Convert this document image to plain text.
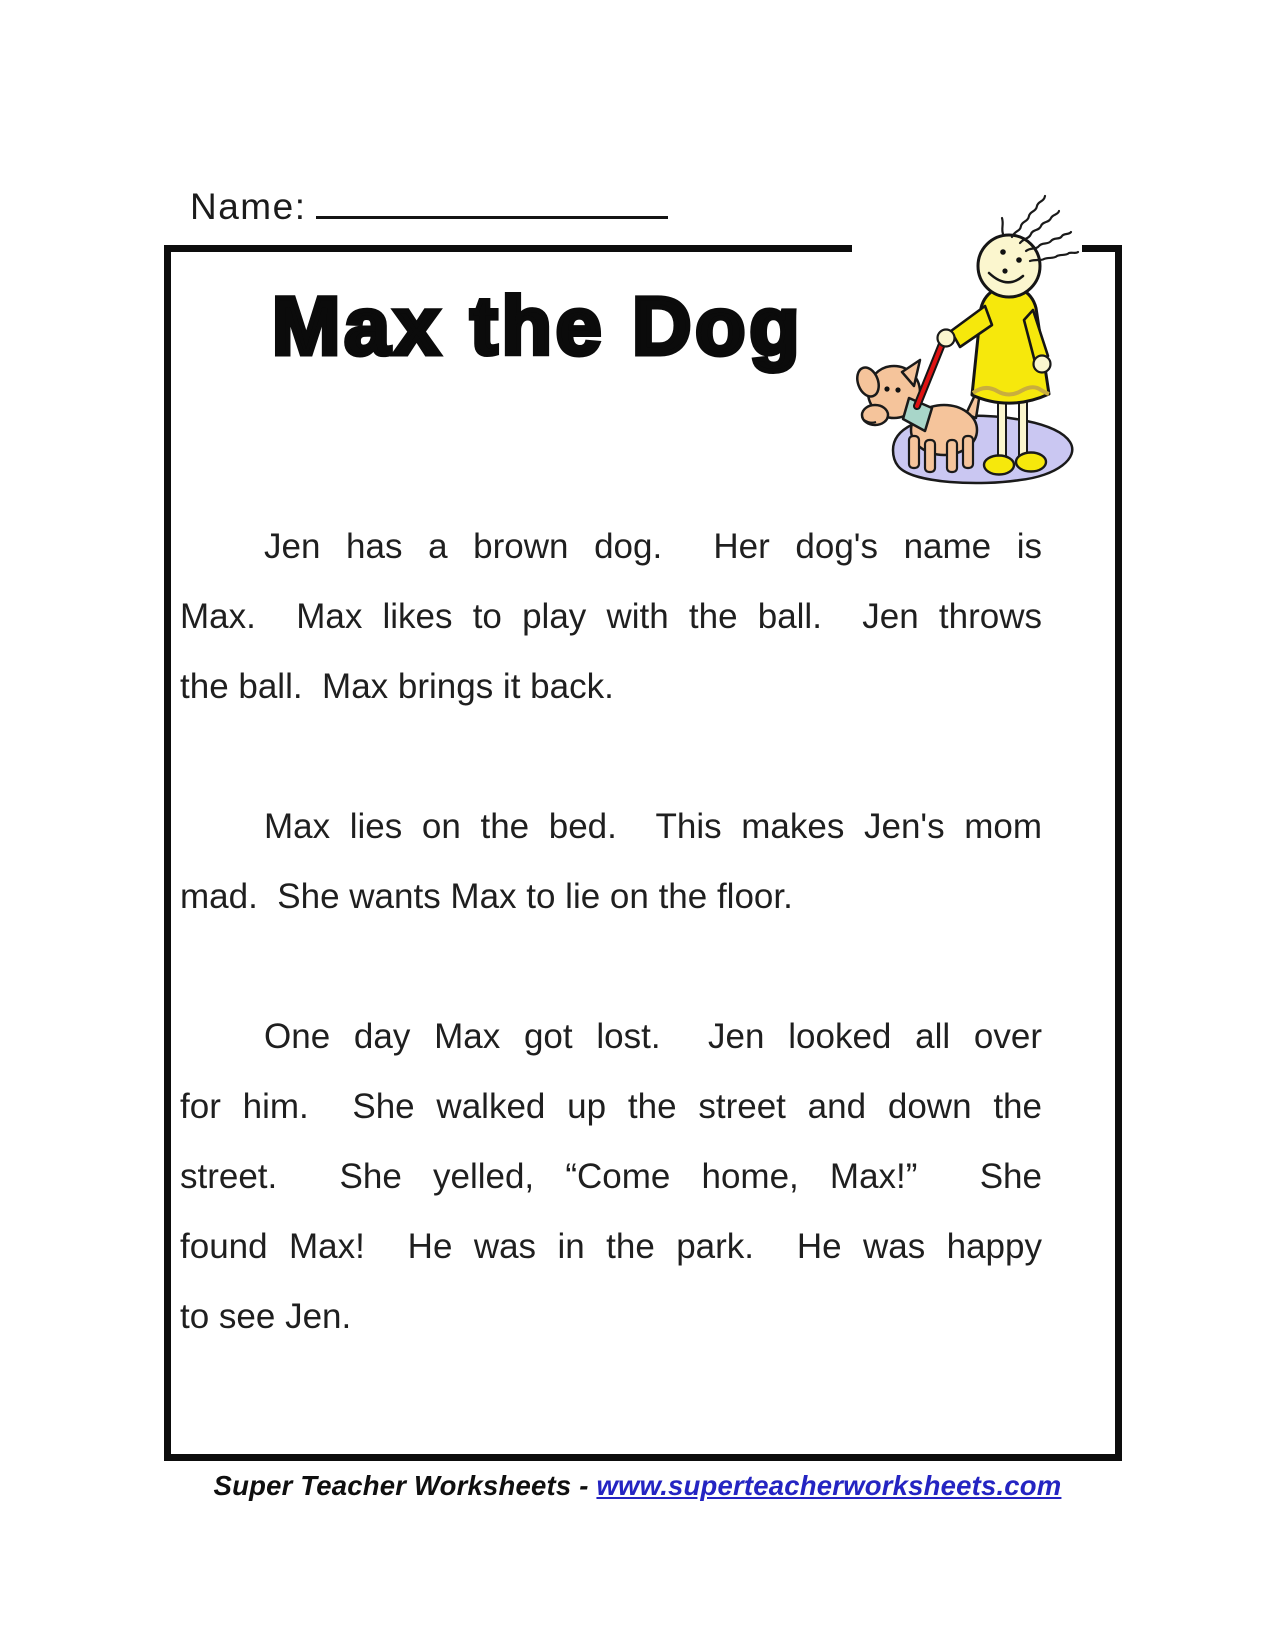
Name:
Max the Dog
Jen has a brown dog.  Her dog's name is
Max.  Max likes to play with the ball.  Jen throws
the ball.  Max brings it back.
Max lies on the bed.  This makes Jen's mom
mad.  She wants Max to lie on the floor.
One day Max got lost.  Jen looked all over
for him.  She walked up the street and down the
street.  She yelled, “Come home, Max!”  She
found Max!  He was in the park.  He was happy
to see Jen.
Super Teacher Worksheets - www.superteacherworksheets.com
